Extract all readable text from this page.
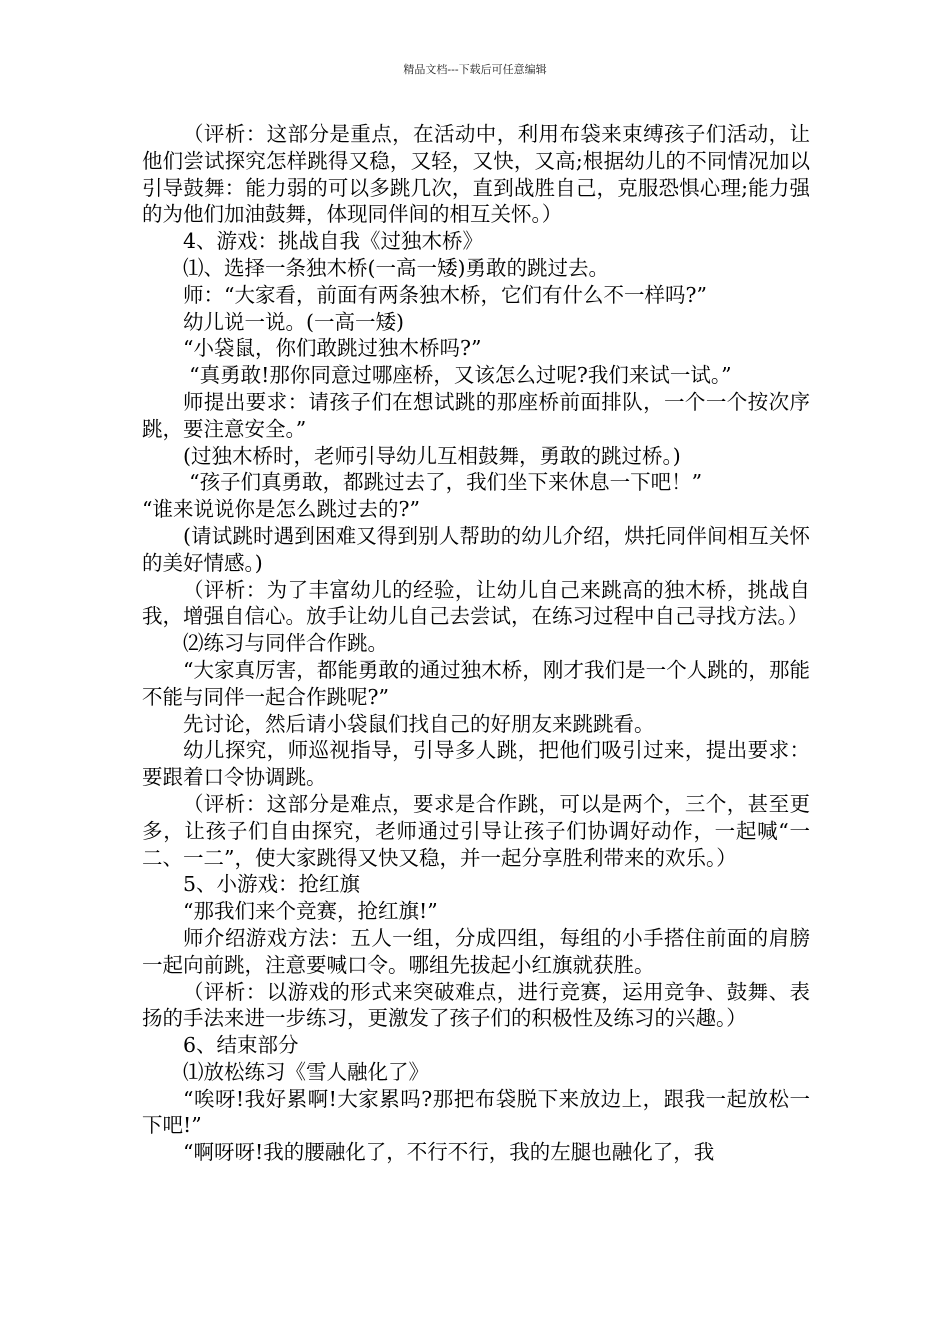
精品文档---下载后可任意编辑

（评析：这部分是重点，在活动中，利用布袋来束缚孩子们活动，让他们尝试探究怎样跳得又稳，又轻，又快，又高;根据幼儿的不同情况加以引导鼓舞：能力弱的可以多跳几次，直到战胜自己，克服恐惧心理;能力强的为他们加油鼓舞，体现同伴间的相互关怀。）

4、游戏：挑战自我《过独木桥》

⑴、选择一条独木桥(一高一矮)勇敢的跳过去。

师：“大家看，前面有两条独木桥，它们有什么不一样吗?”

幼儿说一说。(一高一矮)

“小袋鼠，你们敢跳过独木桥吗?”

“真勇敢!那你同意过哪座桥，又该怎么过呢?我们来试一试。”

师提出要求：请孩子们在想试跳的那座桥前面排队，一个一个按次序跳，要注意安全。”

(过独木桥时，老师引导幼儿互相鼓舞，勇敢的跳过桥。)

“孩子们真勇敢，都跳过去了，我们坐下来休息一下吧！”

“谁来说说你是怎么跳过去的?”

(请试跳时遇到困难又得到别人帮助的幼儿介绍，烘托同伴间相互关怀的美好情感。)

（评析：为了丰富幼儿的经验，让幼儿自己来跳高的独木桥，挑战自我，增强自信心。放手让幼儿自己去尝试，在练习过程中自己寻找方法。）

⑵练习与同伴合作跳。

“大家真厉害，都能勇敢的通过独木桥，刚才我们是一个人跳的，那能不能与同伴一起合作跳呢?”

先讨论，然后请小袋鼠们找自己的好朋友来跳跳看。

幼儿探究，师巡视指导，引导多人跳，把他们吸引过来，提出要求：要跟着口令协调跳。

（评析：这部分是难点，要求是合作跳，可以是两个，三个，甚至更多，让孩子们自由探究，老师通过引导让孩子们协调好动作，一起喊“一二、一二”，使大家跳得又快又稳，并一起分享胜利带来的欢乐。）

5、小游戏：抢红旗

“那我们来个竞赛，抢红旗!”

师介绍游戏方法：五人一组，分成四组，每组的小手搭住前面的肩膀一起向前跳，注意要喊口令。哪组先拔起小红旗就获胜。

（评析：以游戏的形式来突破难点，进行竞赛，运用竞争、鼓舞、表扬的手法来进一步练习，更激发了孩子们的积极性及练习的兴趣。）

6、结束部分

⑴放松练习《雪人融化了》

“唉呀!我好累啊!大家累吗?那把布袋脱下来放边上，跟我一起放松一下吧!”

“啊呀呀!我的腰融化了，不行不行，我的左腿也融化了，我
